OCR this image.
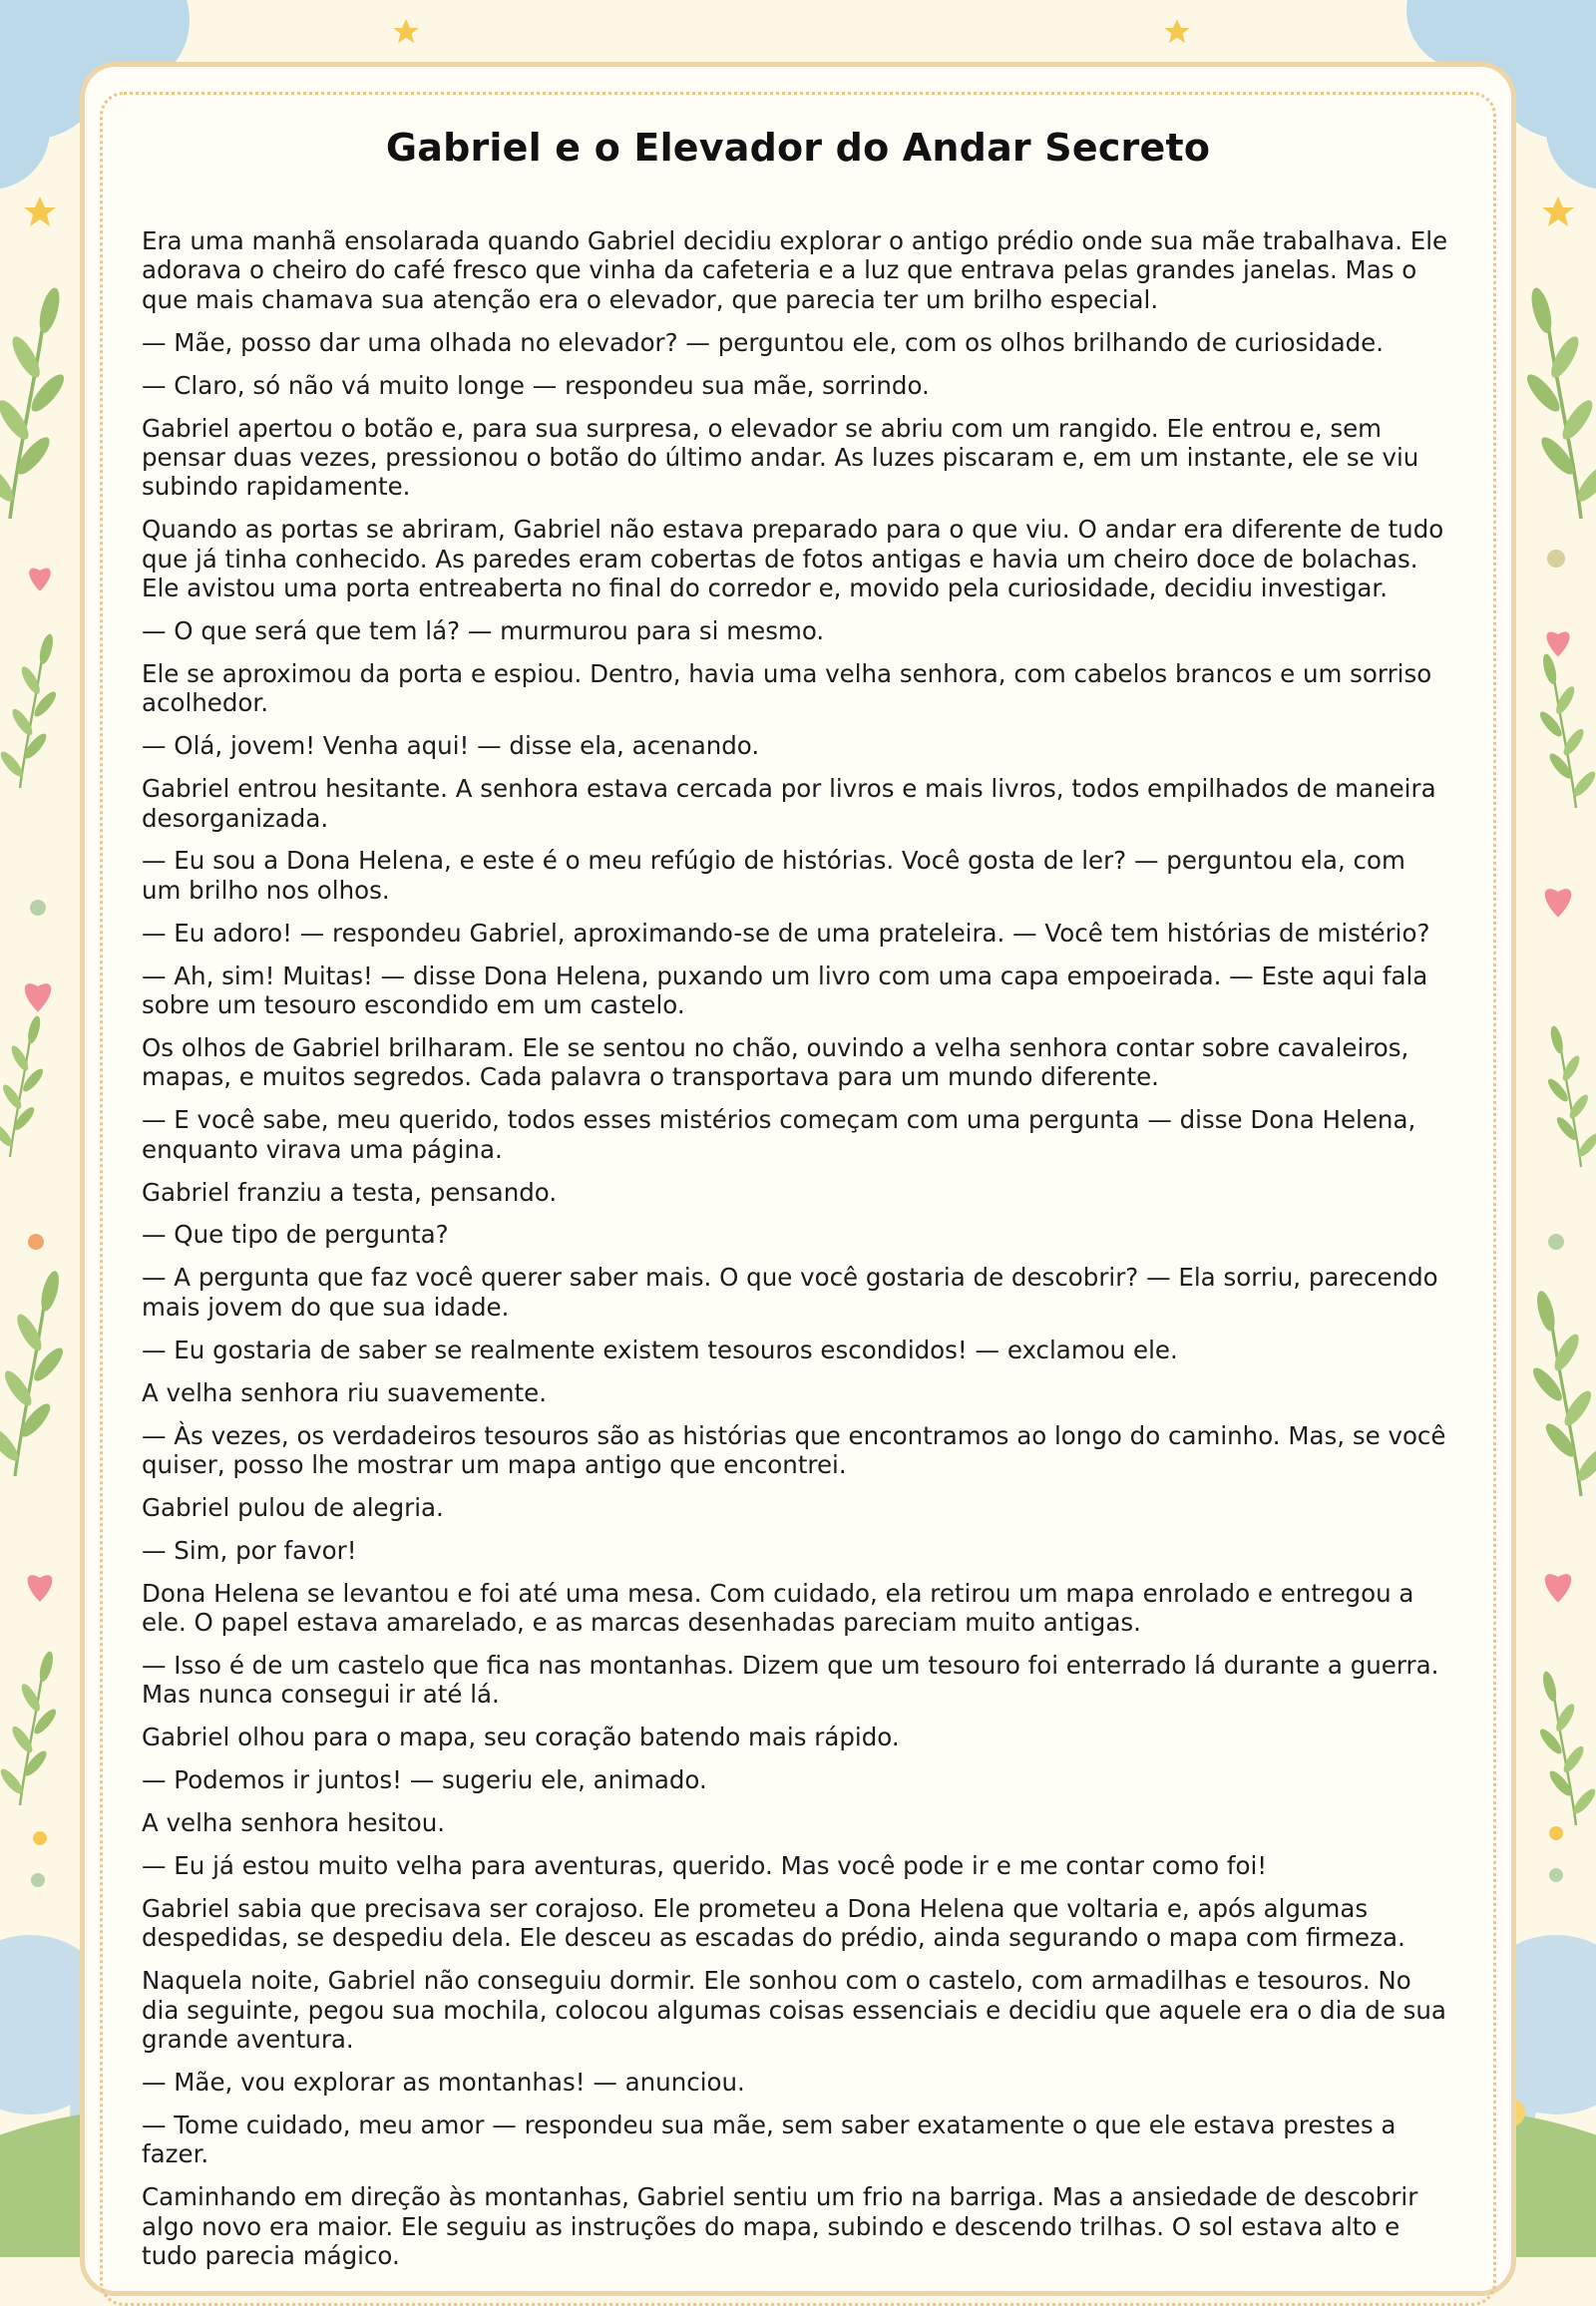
Gabriel e o Elevador do Andar Secreto

Era uma manhã ensolarada quando Gabriel decidiu explorar o antigo prédio onde sua mãe trabalhava. Ele adorava o cheiro do café fresco que vinha da cafeteria e a luz que entrava pelas grandes janelas. Mas o que mais chamava sua atenção era o elevador, que parecia ter um brilho especial.

— Mãe, posso dar uma olhada no elevador? — perguntou ele, com os olhos brilhando de curiosidade.

— Claro, só não vá muito longe — respondeu sua mãe, sorrindo.

Gabriel apertou o botão e, para sua surpresa, o elevador se abriu com um rangido. Ele entrou e, sem pensar duas vezes, pressionou o botão do último andar. As luzes piscaram e, em um instante, ele se viu subindo rapidamente.

Quando as portas se abriram, Gabriel não estava preparado para o que viu. O andar era diferente de tudo que já tinha conhecido. As paredes eram cobertas de fotos antigas e havia um cheiro doce de bolachas. Ele avistou uma porta entreaberta no final do corredor e, movido pela curiosidade, decidiu investigar.

— O que será que tem lá? — murmurou para si mesmo.

Ele se aproximou da porta e espiou. Dentro, havia uma velha senhora, com cabelos brancos e um sorriso acolhedor.

— Olá, jovem! Venha aqui! — disse ela, acenando.

Gabriel entrou hesitante. A senhora estava cercada por livros e mais livros, todos empilhados de maneira desorganizada.

— Eu sou a Dona Helena, e este é o meu refúgio de histórias. Você gosta de ler? — perguntou ela, com um brilho nos olhos.

— Eu adoro! — respondeu Gabriel, aproximando-se de uma prateleira. — Você tem histórias de mistério?

— Ah, sim! Muitas! — disse Dona Helena, puxando um livro com uma capa empoeirada. — Este aqui fala sobre um tesouro escondido em um castelo.

Os olhos de Gabriel brilharam. Ele se sentou no chão, ouvindo a velha senhora contar sobre cavaleiros, mapas, e muitos segredos. Cada palavra o transportava para um mundo diferente.

— E você sabe, meu querido, todos esses mistérios começam com uma pergunta — disse Dona Helena, enquanto virava uma página.

Gabriel franziu a testa, pensando.

— Que tipo de pergunta?

— A pergunta que faz você querer saber mais. O que você gostaria de descobrir? — Ela sorriu, parecendo mais jovem do que sua idade.

— Eu gostaria de saber se realmente existem tesouros escondidos! — exclamou ele.

A velha senhora riu suavemente.

— Às vezes, os verdadeiros tesouros são as histórias que encontramos ao longo do caminho. Mas, se você quiser, posso lhe mostrar um mapa antigo que encontrei.

Gabriel pulou de alegria.

— Sim, por favor!

Dona Helena se levantou e foi até uma mesa. Com cuidado, ela retirou um mapa enrolado e entregou a ele. O papel estava amarelado, e as marcas desenhadas pareciam muito antigas.

— Isso é de um castelo que fica nas montanhas. Dizem que um tesouro foi enterrado lá durante a guerra. Mas nunca consegui ir até lá.

Gabriel olhou para o mapa, seu coração batendo mais rápido.

— Podemos ir juntos! — sugeriu ele, animado.

A velha senhora hesitou.

— Eu já estou muito velha para aventuras, querido. Mas você pode ir e me contar como foi!

Gabriel sabia que precisava ser corajoso. Ele prometeu a Dona Helena que voltaria e, após algumas despedidas, se despediu dela. Ele desceu as escadas do prédio, ainda segurando o mapa com firmeza.

Naquela noite, Gabriel não conseguiu dormir. Ele sonhou com o castelo, com armadilhas e tesouros. No dia seguinte, pegou sua mochila, colocou algumas coisas essenciais e decidiu que aquele era o dia de sua grande aventura.

— Mãe, vou explorar as montanhas! — anunciou.

— Tome cuidado, meu amor — respondeu sua mãe, sem saber exatamente o que ele estava prestes a fazer.

Caminhando em direção às montanhas, Gabriel sentiu um frio na barriga. Mas a ansiedade de descobrir algo novo era maior. Ele seguiu as instruções do mapa, subindo e descendo trilhas. O sol estava alto e tudo parecia mágico.
